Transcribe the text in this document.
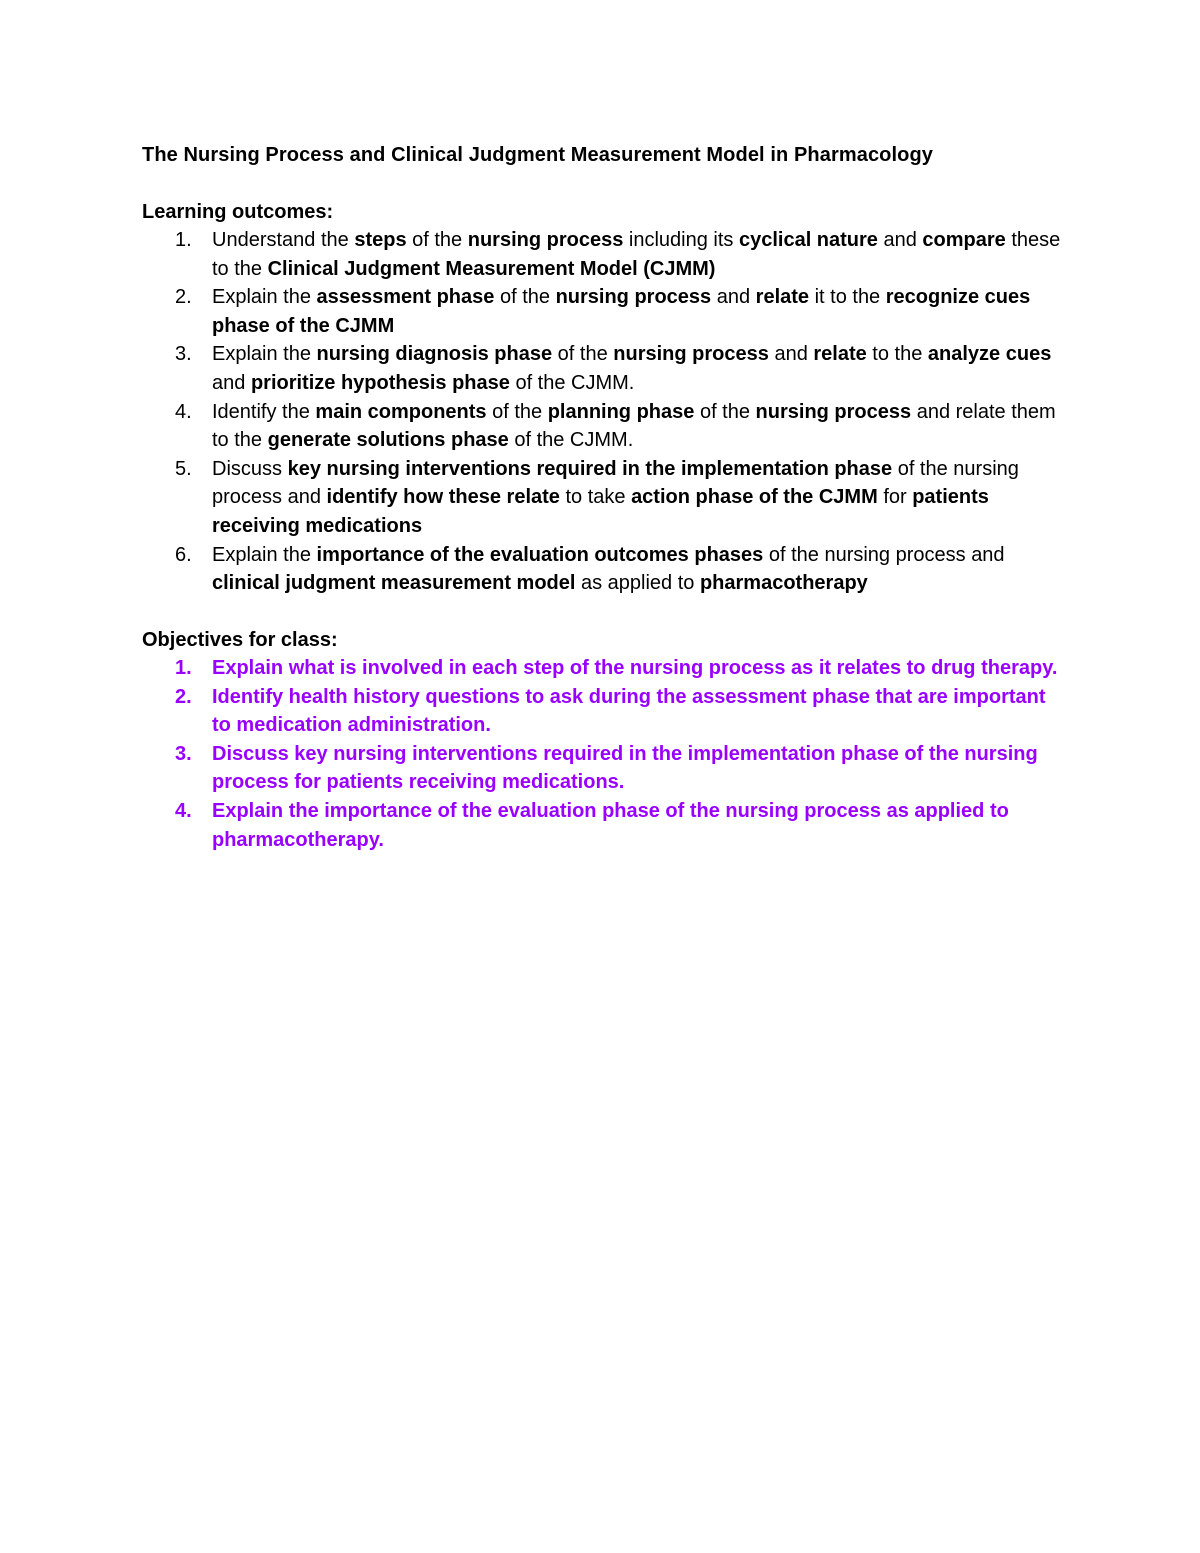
The Nursing Process and Clinical Judgment Measurement Model in Pharmacology
Learning outcomes:
1.	Understand the steps of the nursing process including its cyclical nature and compare these to the Clinical Judgment Measurement Model (CJMM)
2.	Explain the assessment phase of the nursing process and relate it to the recognize cues phase of the CJMM
3.	Explain the nursing diagnosis phase of the nursing process and relate to the analyze cues and prioritize hypothesis phase of the CJMM.
4.	Identify the main components of the planning phase of the nursing process and relate them to the generate solutions phase of the CJMM.
5.	Discuss key nursing interventions required in the implementation phase of the nursing process and identify how these relate to take action phase of the CJMM for patients receiving medications
6.	Explain the importance of the evaluation outcomes phases of the nursing process and clinical judgment measurement model as applied to pharmacotherapy
Objectives for class:
1.	Explain what is involved in each step of the nursing process as it relates to drug therapy.
2.	Identify health history questions to ask during the assessment phase that are important to medication administration.
3.	Discuss key nursing interventions required in the implementation phase of the nursing process for patients receiving medications.
4.	Explain the importance of the evaluation phase of the nursing process as applied to pharmacotherapy.
